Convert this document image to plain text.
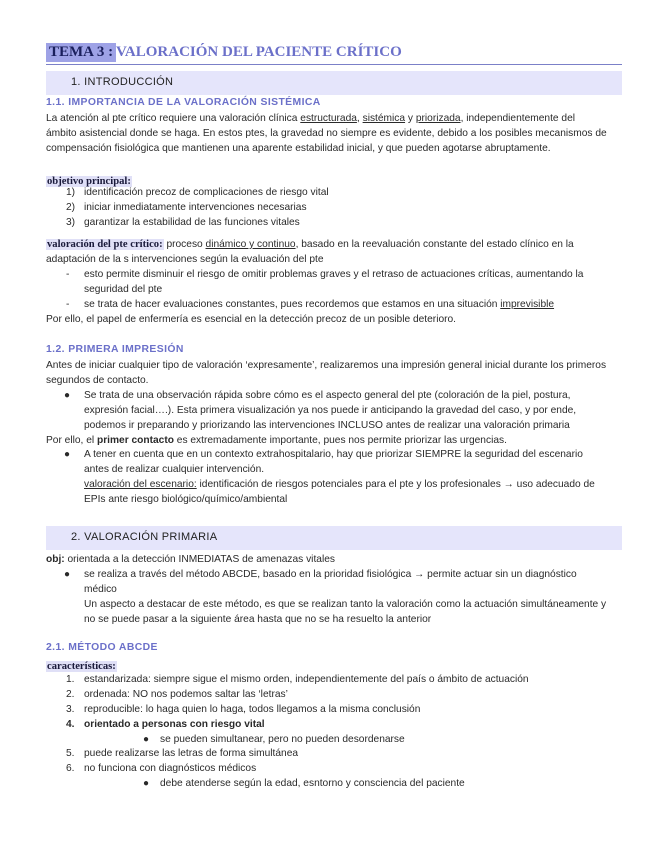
TEMA 3 : VALORACIÓN DEL PACIENTE CRÍTICO
1. INTRODUCCIÓN
1.1. IMPORTANCIA DE LA VALORACIÓN SISTÉMICA
La atención al pte crítico requiere una valoración clínica estructurada, sistémica y priorizada, independientemente del
ámbito asistencial donde se haga. En estos ptes, la gravedad no siempre es evidente, debido a los posibles mecanismos de
compensación fisiológica que mantienen una aparente estabilidad inicial, y que pueden agotarse abruptamente.
objetivo principal:
1) identificación precoz de complicaciones de riesgo vital
2) iniciar inmediatamente intervenciones necesarias
3) garantizar la estabilidad de las funciones vitales
valoración del pte crítico: proceso dinámico y continuo, basado en la reevaluación constante del estado clínico en la
adaptación de la s intervenciones según la evaluación del pte
- esto permite disminuir el riesgo de omitir problemas graves y el retraso de actuaciones críticas, aumentando la
seguridad del pte
- se trata de hacer evaluaciones constantes, pues recordemos que estamos en una situación imprevisible
Por ello, el papel de enfermería es esencial en la detección precoz de un posible deterioro.
1.2. PRIMERA IMPRESIÓN
Antes de iniciar cualquier tipo de valoración ‘expresamente’, realizaremos una impresión general inicial durante los primeros
segundos de contacto.
● Se trata de una observación rápida sobre cómo es el aspecto general del pte (coloración de la piel, postura,
expresión facial….). Esta primera visualización ya nos puede ir anticipando la gravedad del caso, y por ende,
podemos ir preparando y priorizando las intervenciones INCLUSO antes de realizar una valoración primaria
Por ello, el primer contacto es extremadamente importante, pues nos permite priorizar las urgencias.
● A tener en cuenta que en un contexto extrahospitalario, hay que priorizar SIEMPRE la seguridad del escenario
antes de realizar cualquier intervención.
valoración del escenario: identificación de riesgos potenciales para el pte y los profesionales → uso adecuado de
EPIs ante riesgo biológico/químico/ambiental
2. VALORACIÓN PRIMARIA
obj: orientada a la detección INMEDIATAS de amenazas vitales
● se realiza a través del método ABCDE, basado en la prioridad fisiológica → permite actuar sin un diagnóstico
médico
Un aspecto a destacar de este método, es que se realizan tanto la valoración como la actuación simultáneamente y
no se puede pasar a la siguiente área hasta que no se ha resuelto la anterior
2.1. MÉTODO ABCDE
características:
1. estandarizada: siempre sigue el mismo orden, independientemente del país o ámbito de actuación
2. ordenada: NO nos podemos saltar las ‘letras’
3. reproducible: lo haga quien lo haga, todos llegamos a la misma conclusión
4. orientado a personas con riesgo vital
● se pueden simultanear, pero no pueden desordenarse
5. puede realizarse las letras de forma simultánea
6. no funciona con diagnósticos médicos
● debe atenderse según la edad, esntorno y consciencia del paciente
